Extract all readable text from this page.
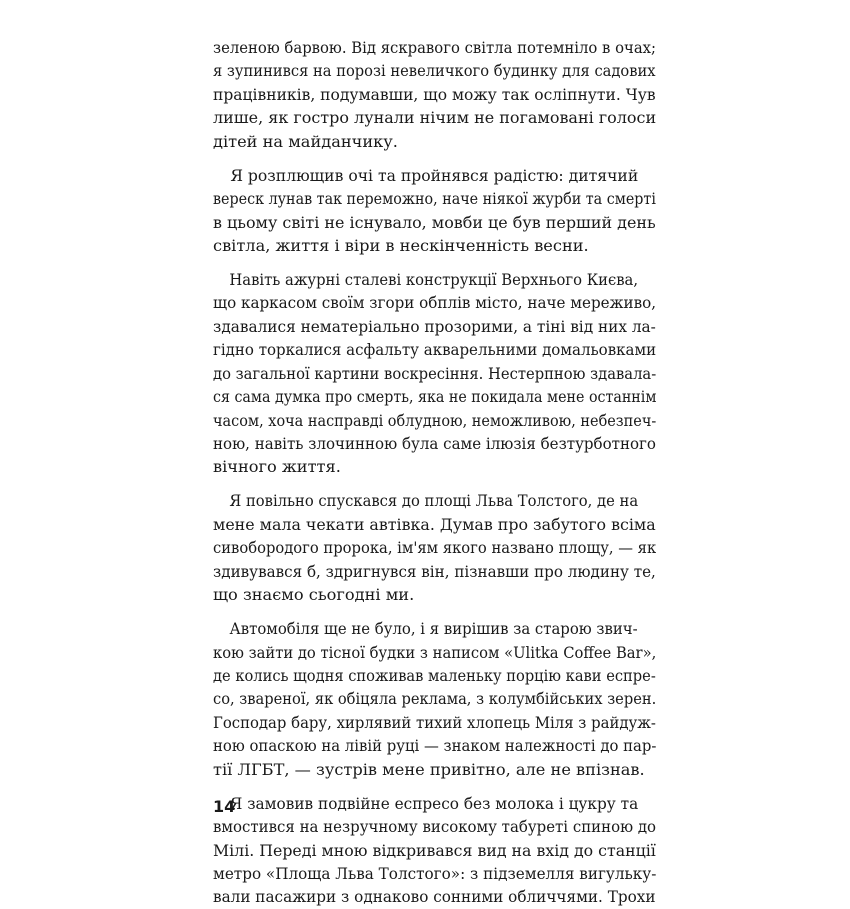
зеленою барвою. Від яскравого світла потемніло в очах;
я зупинився на порозі невеличкого будинку для садових
працівників, подумавши, що можу так осліпнути. Чув
лише, як гостро лунали нічим не погамовані голоси
дітей на майданчику.
Я розплющив очі та пройнявся радістю: дитячий
вереск лунав так переможно, наче ніякої журби та смерті
в цьому світі не існувало, мовби це був перший день
світла, життя і віри в нескінченність весни.
Навіть ажурні сталеві конструкції Верхнього Києва,
що каркасом своїм згори обплів місто, наче мереживо,
здавалися нематеріально прозорими, а тіні від них ла-
гідно торкалися асфальту акварельними домальовками
до загальної картини воскресіння. Нестерпною здавала-
ся сама думка про смерть, яка не покидала мене останнім
часом, хоча насправді облудною, неможливою, небезпеч-
ною, навіть злочинною була саме ілюзія безтурботного
вічного життя.
Я повільно спускався до площі Льва Толстого, де на
мене мала чекати автівка. Думав про забутого всіма
сивобородого пророка, ім'ям якого названо площу, — як
здивувався б, здригнувся він, пізнавши про людину те,
що знаємо сьогодні ми.
Автомобіля ще не було, і я вирішив за старою звич-
кою зайти до тісної будки з написом «Ulitka Coffee Bar»,
де колись щодня споживав маленьку порцію кави еспре-
со, звареної, як обіцяла реклама, з колумбійських зерен.
Господар бару, хирлявий тихий хлопець Міля з райдуж-
ною опаскою на лівій руці — знаком належності до пар-
тії ЛГБТ, — зустрів мене привітно, але не впізнав.
Я замовив подвійне еспресо без молока і цукру та
вмостився на незручному високому табуреті спиною до
Мілі. Переді мною відкривався вид на вхід до станції
метро «Площа Льва Толстого»: з підземелля вигульку-
вали пасажири з однаково сонними обличчями. Трохи
14
